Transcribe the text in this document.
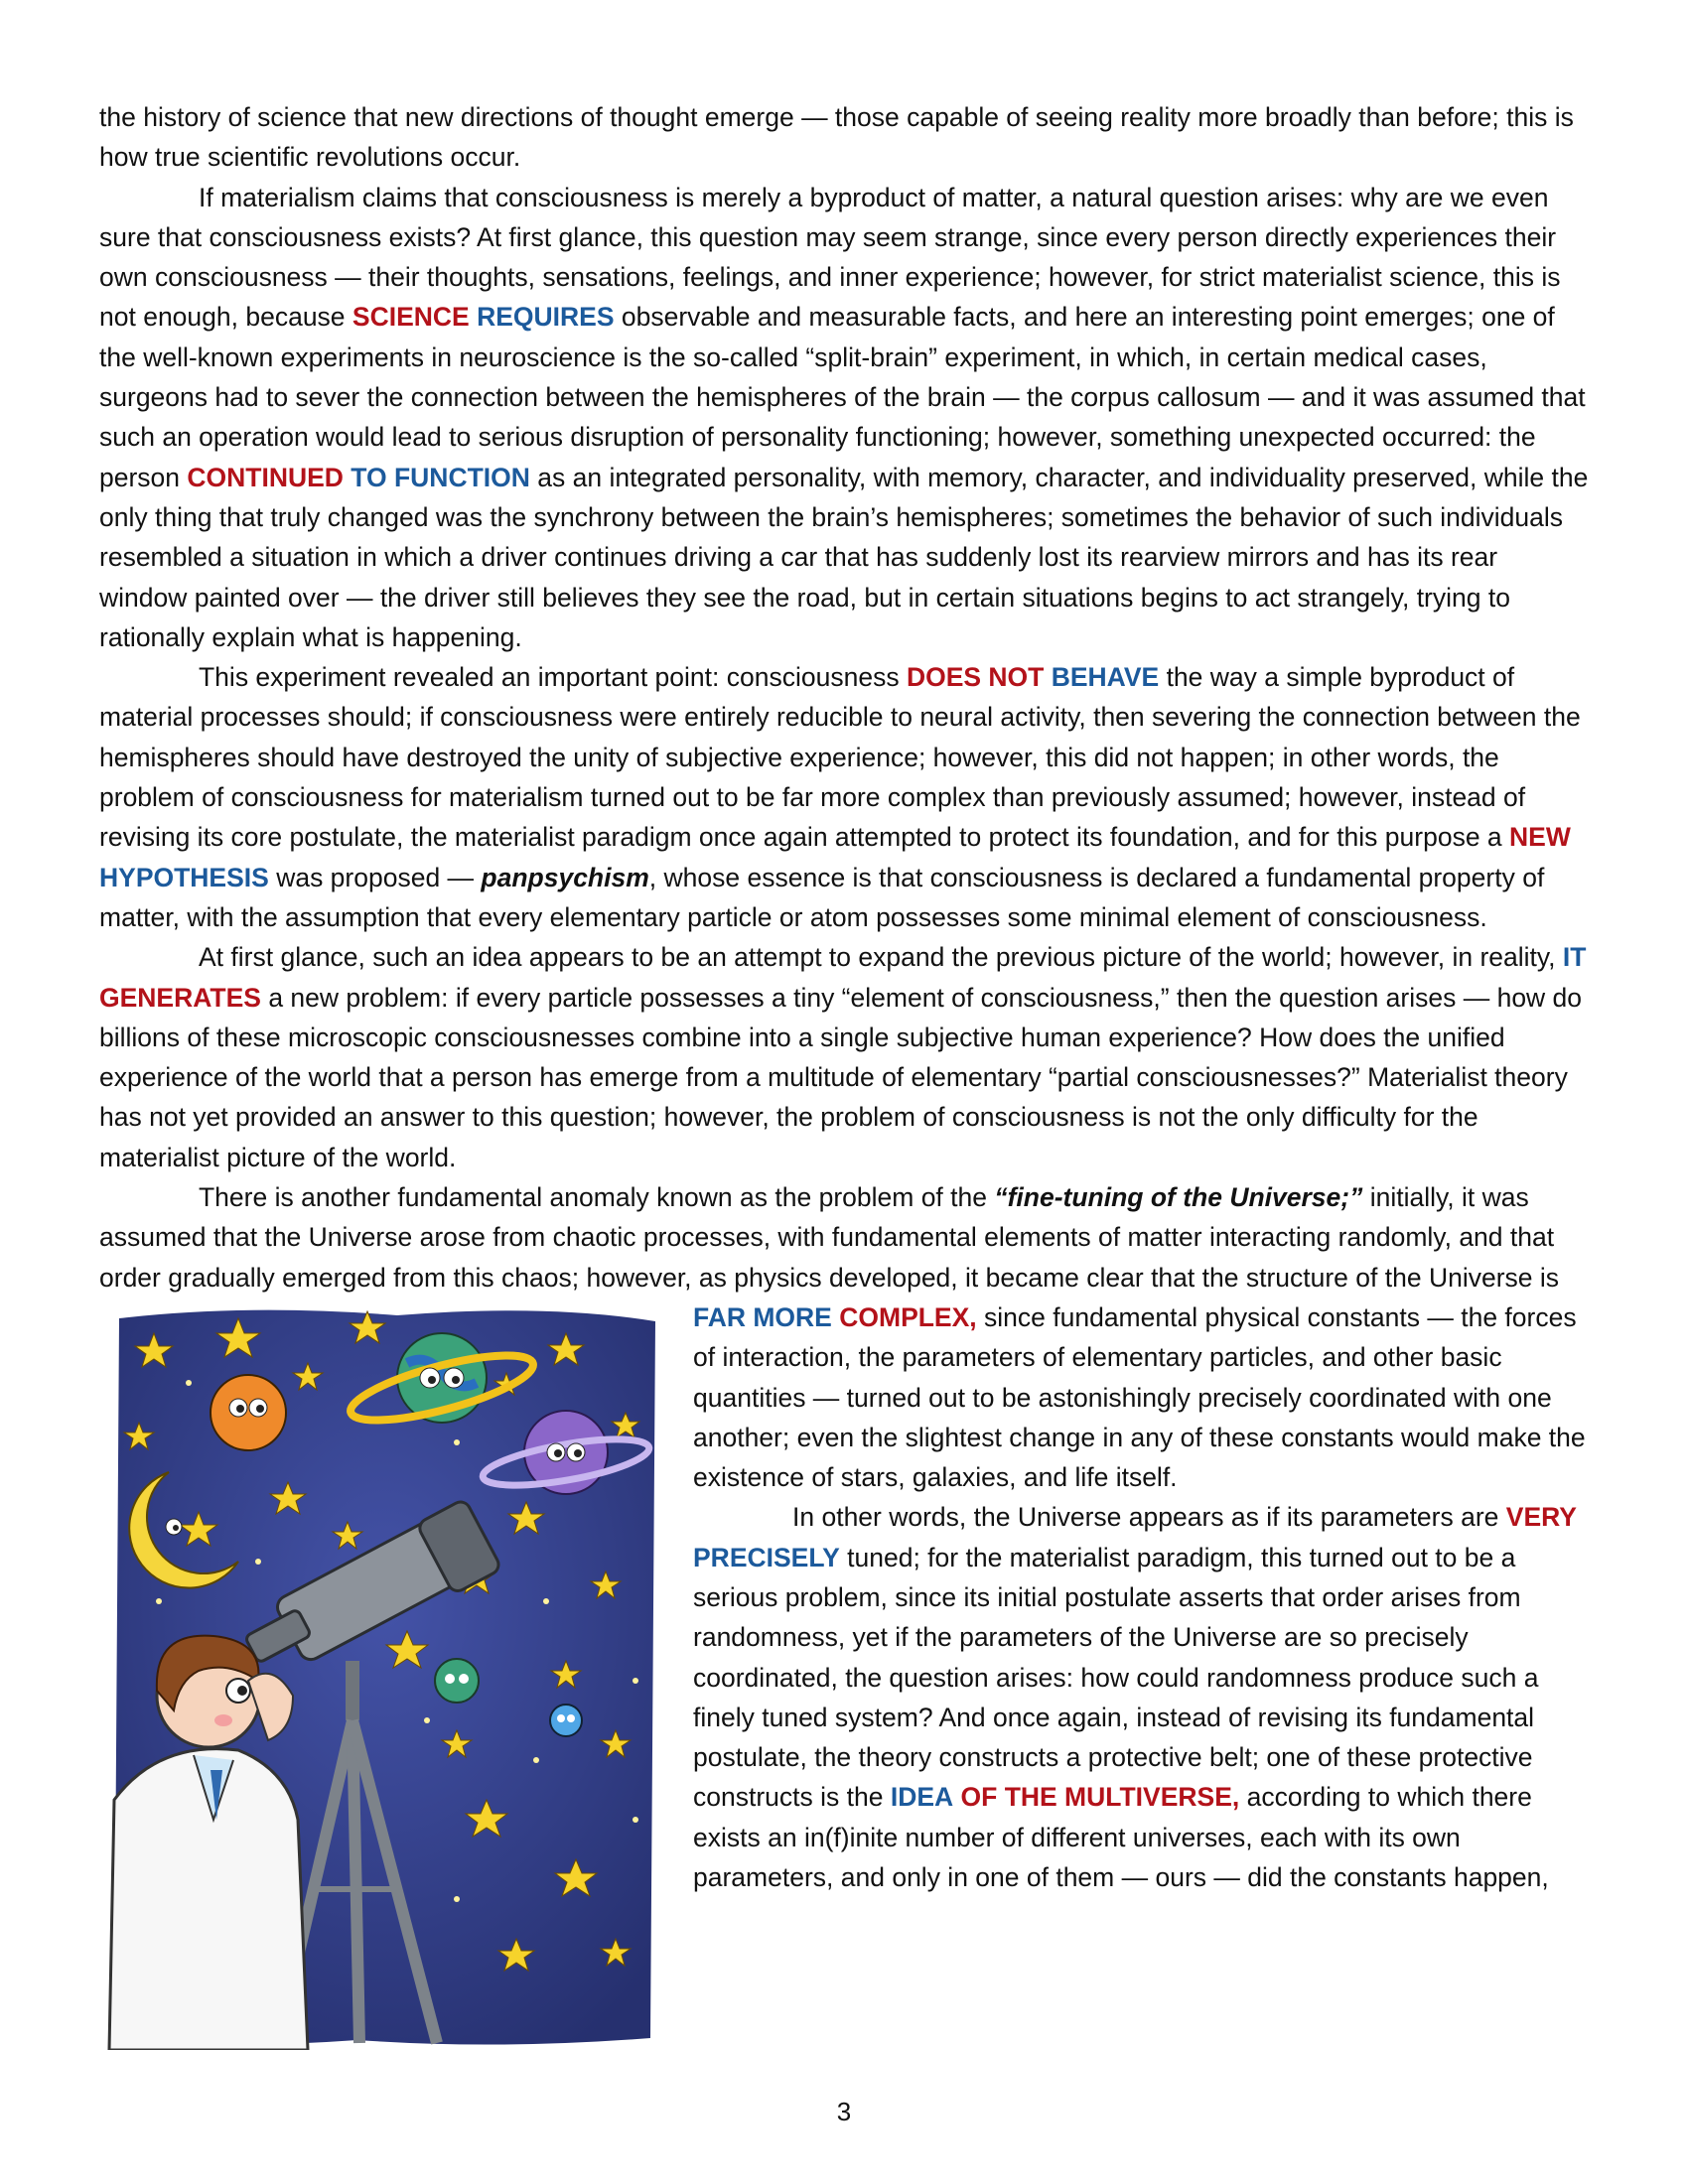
the history of science that new directions of thought emerge — those capable of seeing reality more broadly than before; this is how true scientific revolutions occur.

If materialism claims that consciousness is merely a byproduct of matter, a natural question arises: why are we even sure that consciousness exists? At first glance, this question may seem strange, since every person directly experiences their own consciousness — their thoughts, sensations, feelings, and inner experience; however, for strict materialist science, this is not enough, because SCIENCE REQUIRES observable and measurable facts, and here an interesting point emerges; one of the well-known experiments in neuroscience is the so-called “split-brain” experiment, in which, in certain medical cases, surgeons had to sever the connection between the hemispheres of the brain — the corpus callosum — and it was assumed that such an operation would lead to serious disruption of personality functioning; however, something unexpected occurred: the person CONTINUED TO FUNCTION as an integrated personality, with memory, character, and individuality preserved, while the only thing that truly changed was the synchrony between the brain’s hemispheres; sometimes the behavior of such individuals resembled a situation in which a driver continues driving a car that has suddenly lost its rearview mirrors and has its rear window painted over — the driver still believes they see the road, but in certain situations begins to act strangely, trying to rationally explain what is happening.

This experiment revealed an important point: consciousness DOES NOT BEHAVE the way a simple byproduct of material processes should; if consciousness were entirely reducible to neural activity, then severing the connection between the hemispheres should have destroyed the unity of subjective experience; however, this did not happen; in other words, the problem of consciousness for materialism turned out to be far more complex than previously assumed; however, instead of revising its core postulate, the materialist paradigm once again attempted to protect its foundation, and for this purpose a NEW HYPOTHESIS was proposed — panpsychism, whose essence is that consciousness is declared a fundamental property of matter, with the assumption that every elementary particle or atom possesses some minimal element of consciousness.

At first glance, such an idea appears to be an attempt to expand the previous picture of the world; however, in reality, IT GENERATES a new problem: if every particle possesses a tiny “element of consciousness,” then the question arises — how do billions of these microscopic consciousnesses combine into a single subjective human experience? How does the unified experience of the world that a person has emerge from a multitude of elementary “partial consciousnesses?” Materialist theory has not yet provided an answer to this question; however, the problem of consciousness is not the only difficulty for the materialist picture of the world.

There is another fundamental anomaly known as the problem of the “fine-tuning of the Universe;” initially, it was assumed that the Universe arose from chaotic processes, with fundamental elements of matter interacting randomly, and that order gradually emerged from this chaos; however, as physics developed, it became clear that the structure of the Universe is

FAR MORE COMPLEX, since fundamental physical constants — the forces of interaction, the parameters of elementary particles, and other basic quantities — turned out to be astonishingly precisely coordinated with one another; even the slightest change in any of these constants would make the existence of stars, galaxies, and life itself.

In other words, the Universe appears as if its parameters are VERY PRECISELY tuned; for the materialist paradigm, this turned out to be a serious problem, since its initial postulate asserts that order arises from randomness, yet if the parameters of the Universe are so precisely coordinated, the question arises: how could randomness produce such a finely tuned system? And once again, instead of revising its fundamental postulate, the theory constructs a protective belt; one of these protective constructs is the IDEA OF THE MULTIVERSE, according to which there exists an in(f)inite number of different universes, each with its own parameters, and only in one of them — ours — did the constants happen,

3
